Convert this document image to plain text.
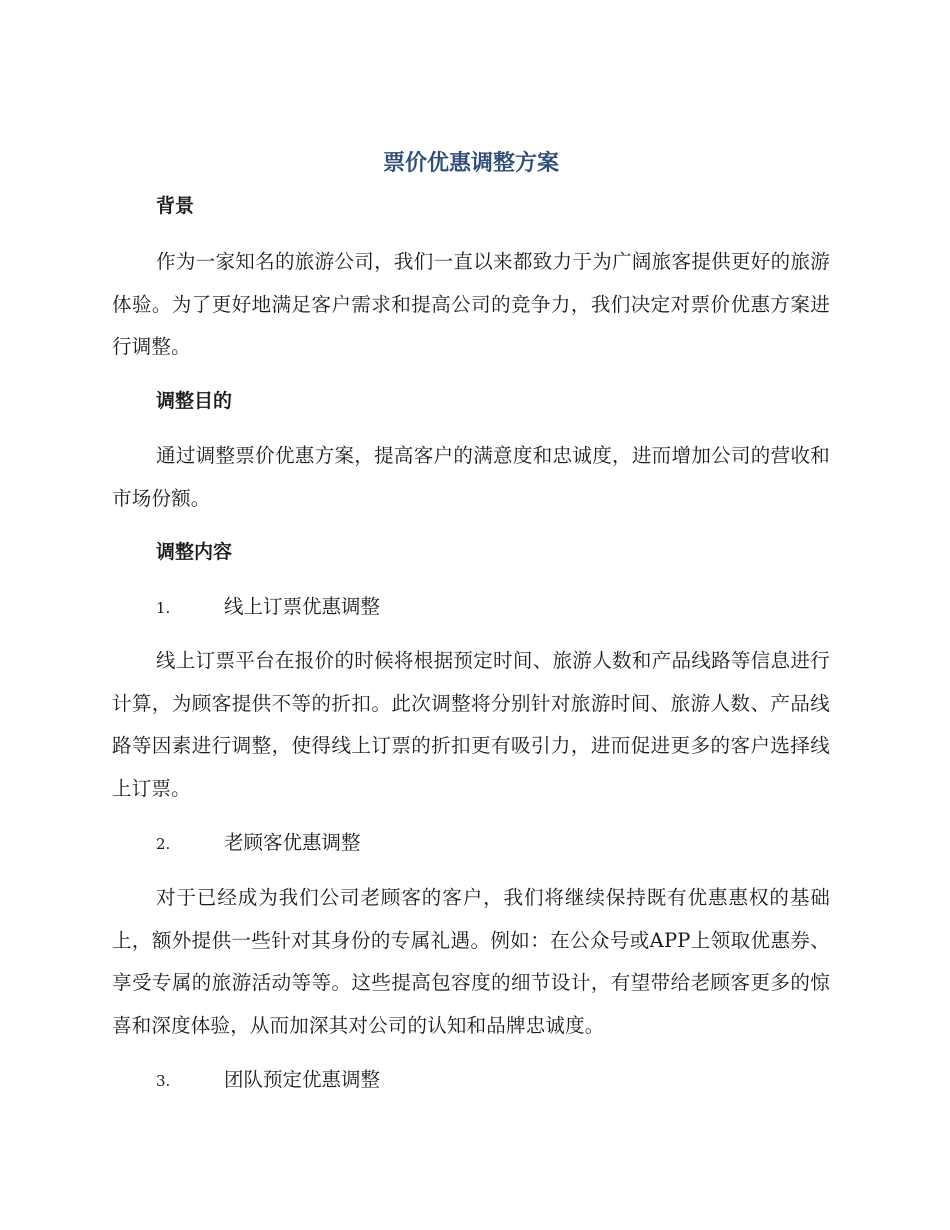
票价优惠调整方案
背景

作为一家知名的旅游公司，我们一直以来都致力于为广阔旅客提供更好的旅游体验。为了更好地满足客户需求和提高公司的竞争力，我们决定对票价优惠方案进行调整。

调整目的

通过调整票价优惠方案，提高客户的满意度和忠诚度，进而增加公司的营收和市场份额。

调整内容
1.	线上订票优惠调整

线上订票平台在报价的时候将根据预定时间、旅游人数和产品线路等信息进行计算，为顾客提供不等的折扣。此次调整将分别针对旅游时间、旅游人数、产品线路等因素进行调整，使得线上订票的折扣更有吸引力，进而促进更多的客户选择线上订票。

2.	老顾客优惠调整

对于已经成为我们公司老顾客的客户，我们将继续保持既有优惠惠权的基础上，额外提供一些针对其身份的专属礼遇。例如：在公众号或APP上领取优惠券、享受专属的旅游活动等等。这些提高包容度的细节设计，有望带给老顾客更多的惊喜和深度体验，从而加深其对公司的认知和品牌忠诚度。

3.	团队预定优惠调整
